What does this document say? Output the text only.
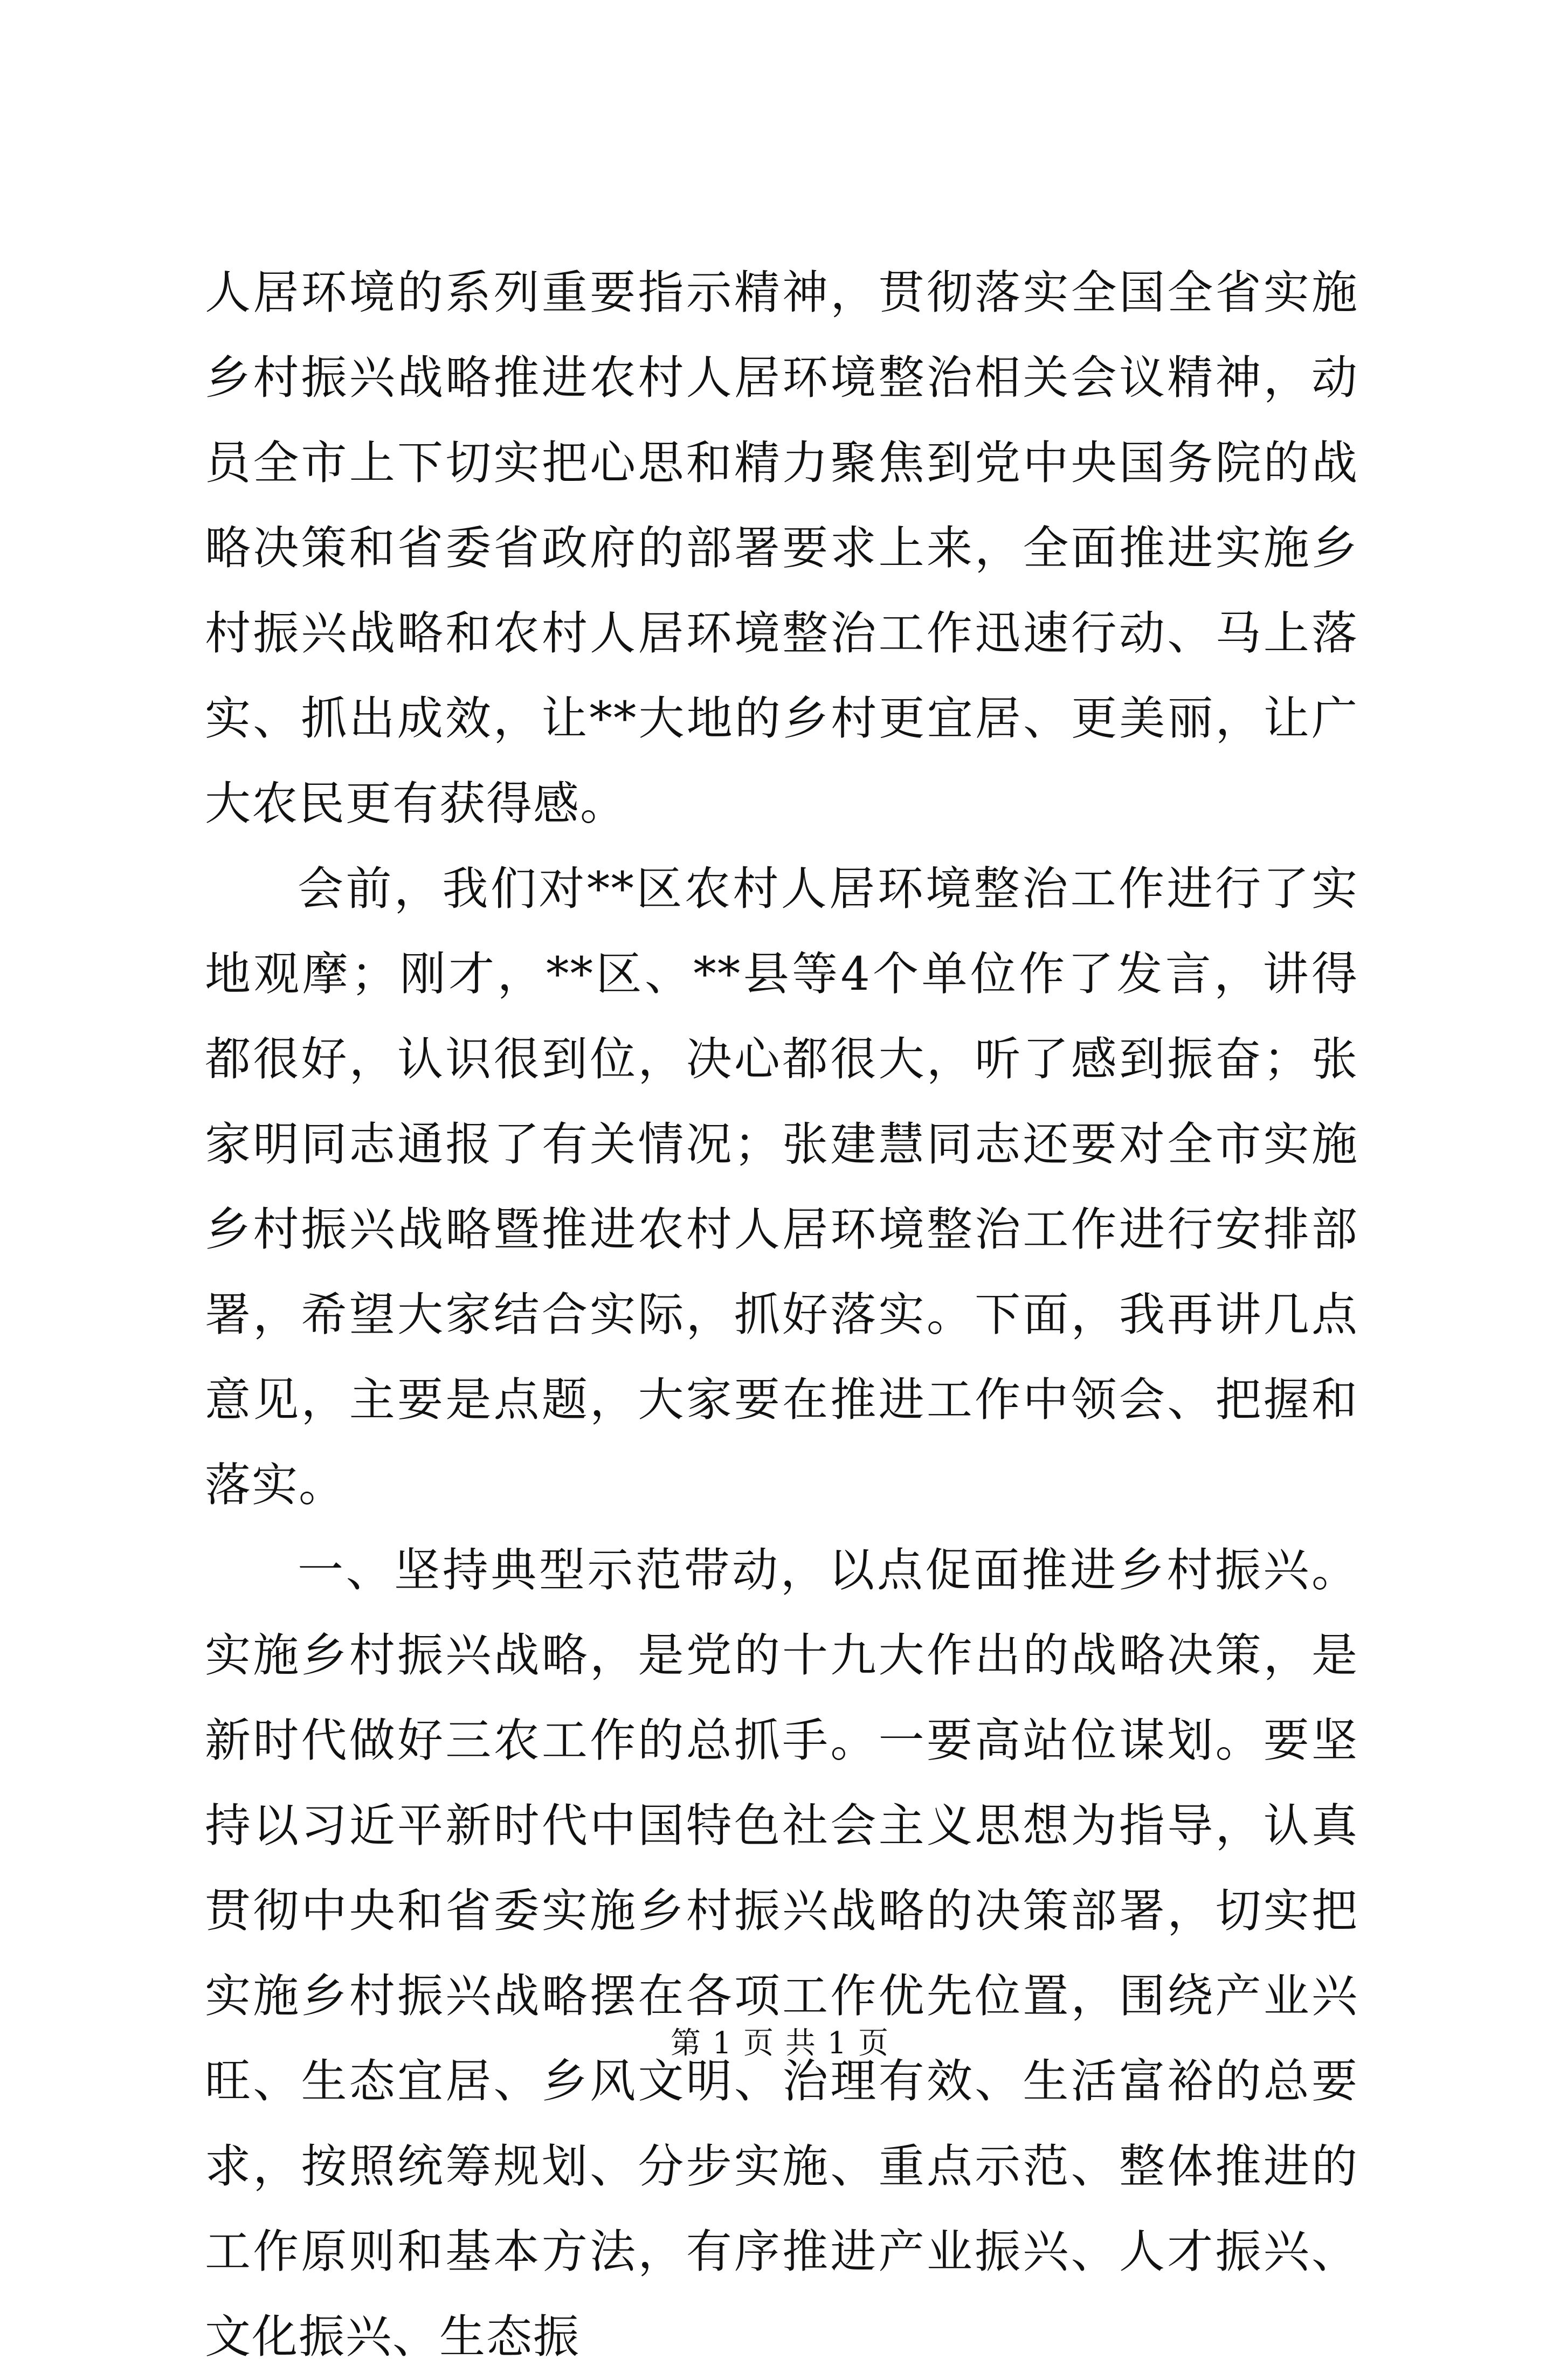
人居环境的系列重要指示精神，贯彻落实全国全省实施乡村振兴战略推进农村人居环境整治相关会议精神，动员全市上下切实把心思和精力聚焦到党中央国务院的战略决策和省委省政府的部署要求上来，全面推进实施乡村振兴战略和农村人居环境整治工作迅速行动、马上落实、抓出成效，让**大地的乡村更宜居、更美丽，让广大农民更有获得感。

会前，我们对**区农村人居环境整治工作进行了实地观摩；刚才，**区、**县等4个单位作了发言，讲得都很好，认识很到位，决心都很大，听了感到振奋；张家明同志通报了有关情况；张建慧同志还要对全市实施乡村振兴战略暨推进农村人居环境整治工作进行安排部署，希望大家结合实际，抓好落实。下面，我再讲几点意见，主要是点题，大家要在推进工作中领会、把握和落实。

一、坚持典型示范带动，以点促面推进乡村振兴。实施乡村振兴战略，是党的十九大作出的战略决策，是新时代做好三农工作的总抓手。一要高站位谋划。要坚持以习近平新时代中国特色社会主义思想为指导，认真贯彻中央和省委实施乡村振兴战略的决策部署，切实把实施乡村振兴战略摆在各项工作优先位置，围绕产业兴旺、生态宜居、乡风文明、治理有效、生活富裕的总要求，按照统筹规划、分步实施、重点示范、整体推进的工作原则和基本方法，有序推进产业振兴、人才振兴、文化振兴、生态振

第 1 页 共 1 页
